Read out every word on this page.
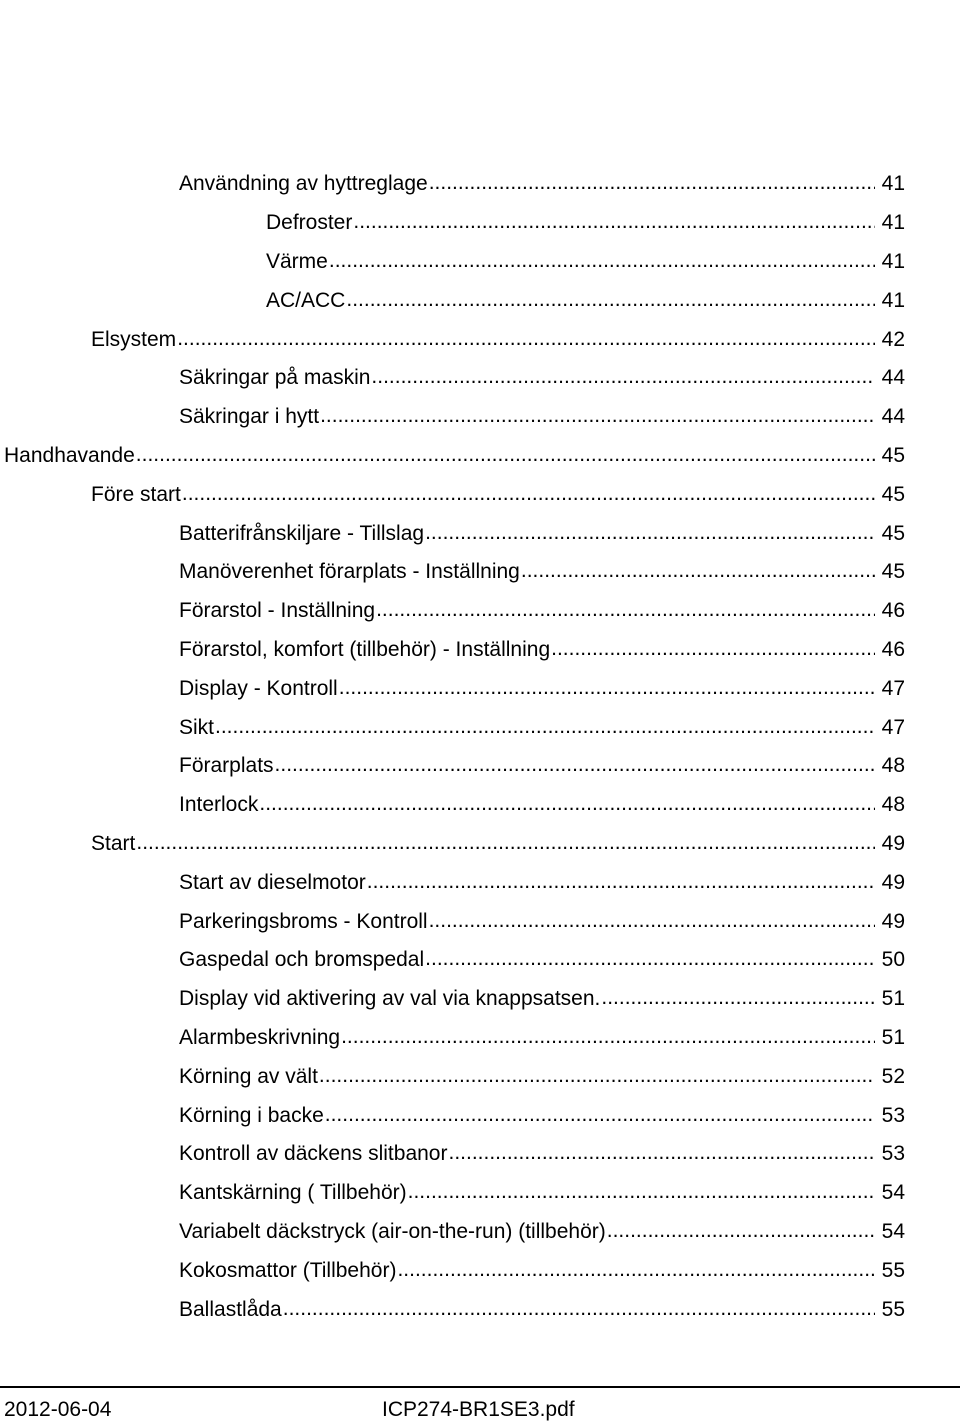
Användning av hyttreglage .....	41
Defroster .....	41
Värme .....	41
AC/ACC .....	41
Elsystem .....	42
Säkringar på maskin .....	44
Säkringar i hytt .....	44
Handhavande .....	45
Före start .....	45
Batterifrånskiljare - Tillslag .....	45
Manöverenhet förarplats - Inställning .....	45
Förarstol - Inställning .....	46
Förarstol, komfort (tillbehör) - Inställning .....	46
Display - Kontroll .....	47
Sikt .....	47
Förarplats .....	48
Interlock .....	48
Start .....	49
Start av dieselmotor .....	49
Parkeringsbroms - Kontroll .....	49
Gaspedal och bromspedal .....	50
Display vid aktivering av val via knappsatsen. .....	51
Alarmbeskrivning .....	51
Körning av vält .....	52
Körning i backe .....	53
Kontroll av däckens slitbanor .....	53
Kantskärning ( Tillbehör) .....	54
Variabelt däckstryck (air-on-the-run) (tillbehör) .....	54
Kokosmattor (Tillbehör) .....	55
Ballastlåda .....	55
2012-06-04	ICP274-BR1SE3.pdf
